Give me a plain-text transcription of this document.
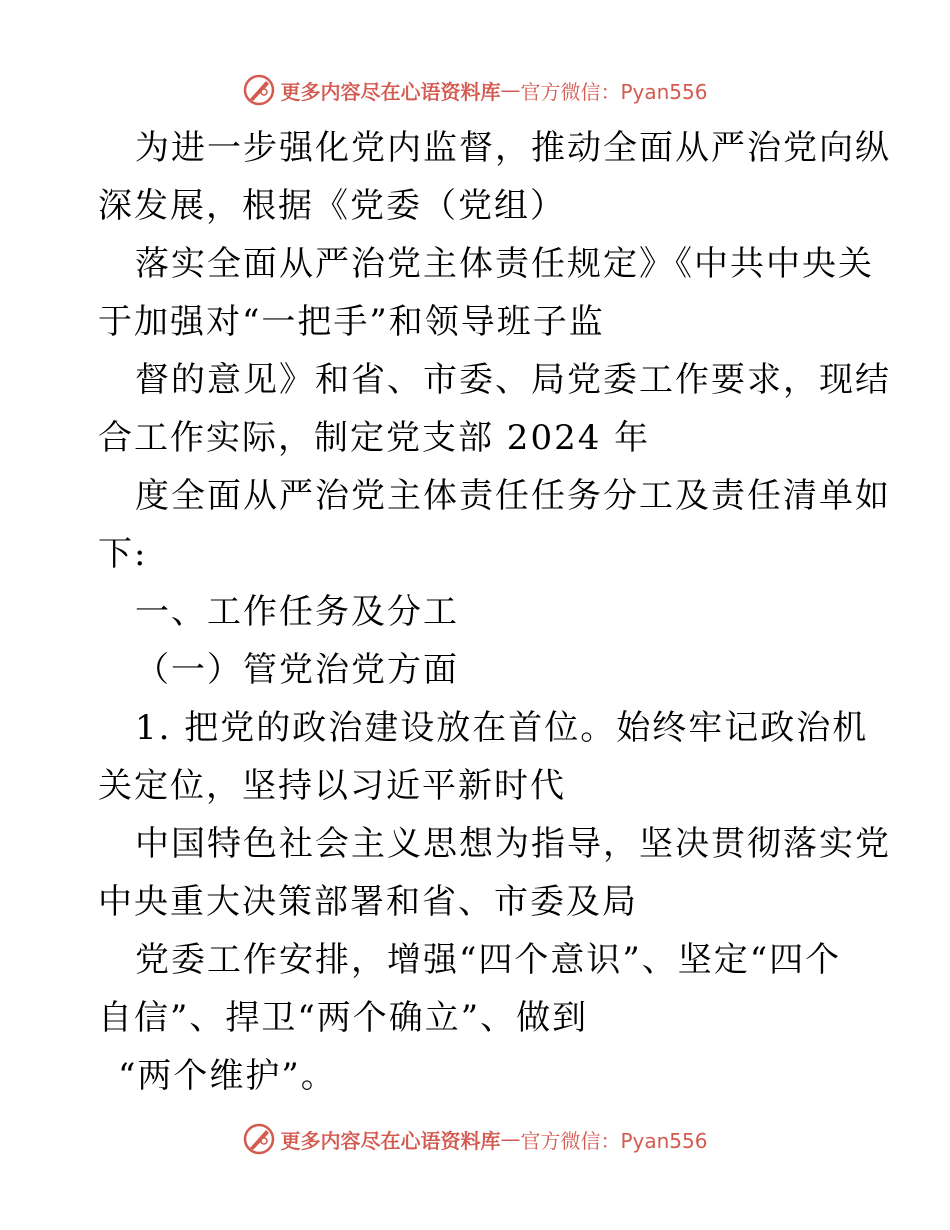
更多内容尽在心语资料库 — 官方微信：Pyan556
为进一步强化党内监督，推动全面从严治党向纵
深发展，根据《党委（党组）
落实全面从严治党主体责任规定》《中共中央关
于加强对“一把手”和领导班子监
督的意见》和省、市委、局党委工作要求，现结
合工作实际，制定党支部 2024 年
度全面从严治党主体责任任务分工及责任清单如
下:
一、工作任务及分工
（一）管党治党方面
1. 把党的政治建设放在首位。始终牢记政治机
关定位，坚持以习近平新时代
中国特色社会主义思想为指导，坚决贯彻落实党
中央重大决策部署和省、市委及局
党委工作安排，增强“四个意识”、坚定“四个
自信”、捍卫“两个确立”、做到
“两个维护”。
更多内容尽在心语资料库 — 官方微信：Pyan556
